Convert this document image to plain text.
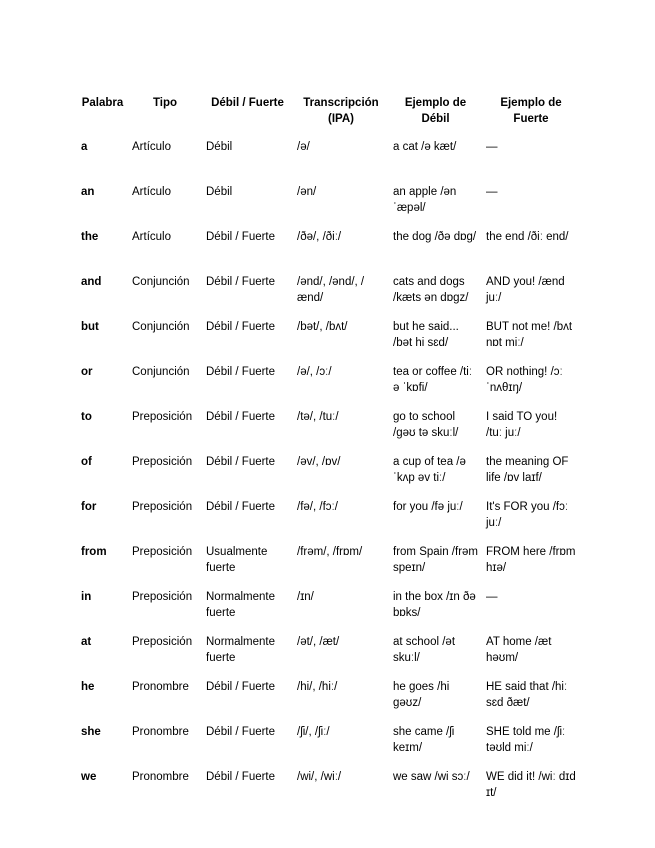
Palabra	Tipo	Débil / Fuerte	Transcripción (IPA)	Ejemplo de Débil	Ejemplo de Fuerte
a	Artículo	Débil	/ə/	a cat /ə kæt/	—
an	Artículo	Débil	/ən/	an apple /ən ˈæpəl/	—
the	Artículo	Débil / Fuerte	/ðə/, /ðiː/	the dog /ðə dɒg/	the end /ðiː end/
and	Conjunción	Débil / Fuerte	/ənd/, /ənd/, /ænd/	cats and dogs /kæts ən dɒgz/	AND you! /ænd juː/
but	Conjunción	Débil / Fuerte	/bət/, /bʌt/	but he said... /bət hi sɛd/	BUT not me! /bʌt nɒt miː/
or	Conjunción	Débil / Fuerte	/ə/, /ɔː/	tea or coffee /tiː ə ˈkɒfi/	OR nothing! /ɔː ˈnʌθɪŋ/
to	Preposición	Débil / Fuerte	/tə/, /tuː/	go to school /gəʊ tə skuːl/	I said TO you! /tuː juː/
of	Preposición	Débil / Fuerte	/əv/, /ɒv/	a cup of tea /ə ˈkʌp əv tiː/	the meaning OF life /ɒv laɪf/
for	Preposición	Débil / Fuerte	/fə/, /fɔː/	for you /fə juː/	It's FOR you /fɔː juː/
from	Preposición	Usualmente fuerte	/frəm/, /frɒm/	from Spain /frəm speɪn/	FROM here /frɒm hɪə/
in	Preposición	Normalmente fuerte	/ɪn/	in the box /ɪn ðə bɒks/	—
at	Preposición	Normalmente fuerte	/ət/, /æt/	at school /ət skuːl/	AT home /æt həʊm/
he	Pronombre	Débil / Fuerte	/hi/, /hiː/	he goes /hi gəʊz/	HE said that /hiː sɛd ðæt/
she	Pronombre	Débil / Fuerte	/ʃi/, /ʃiː/	she came /ʃi keɪm/	SHE told me /ʃiː təʊld miː/
we	Pronombre	Débil / Fuerte	/wi/, /wiː/	we saw /wi sɔː/	WE did it! /wiː dɪd ɪt/
